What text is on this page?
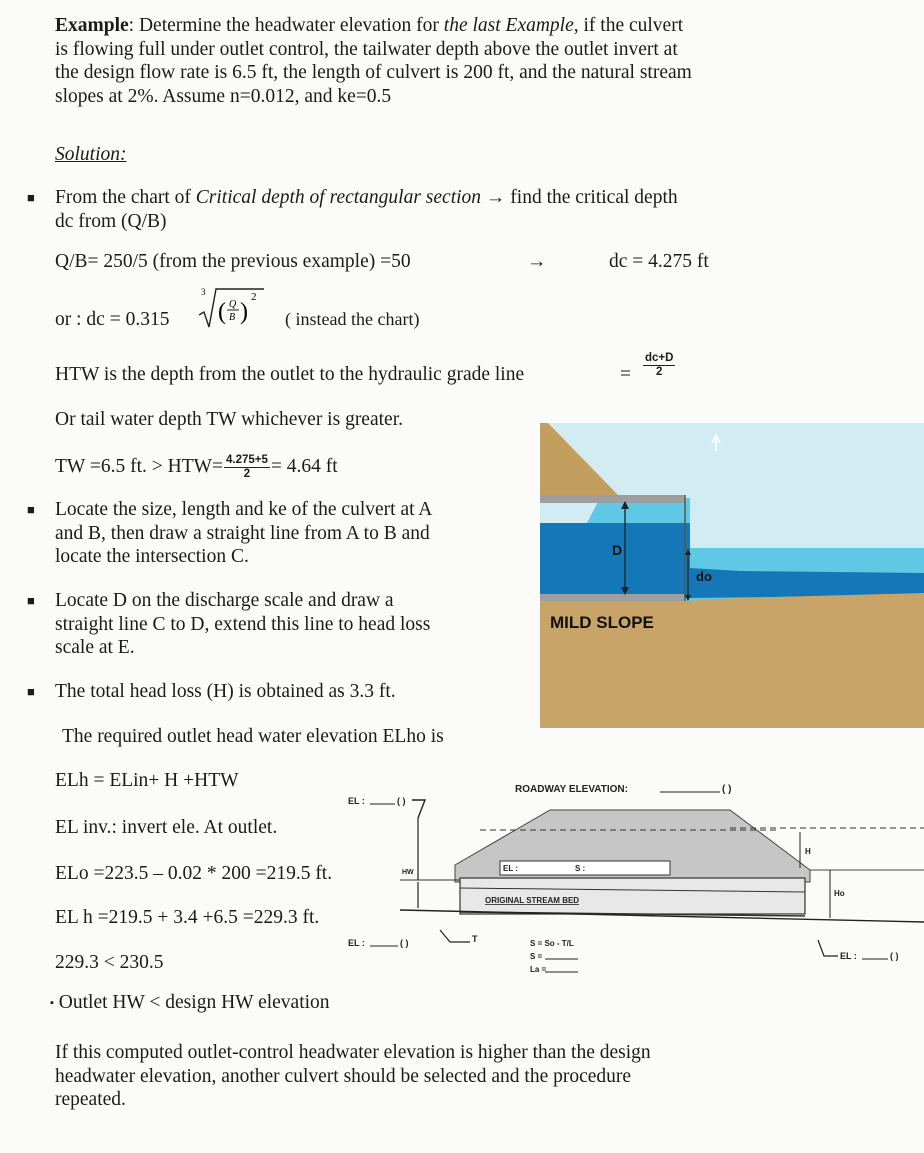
Example: Determine the headwater elevation for the last Example, if the culvert
is flowing full under outlet control, the tailwater depth above the outlet invert at
the design flow rate is 6.5 ft, the length of culvert is 200 ft, and the natural stream
slopes at 2%. Assume n=0.012, and ke=0.5
Solution:
■ From the chart of Critical depth of rectangular section → find the critical depth
dc from (Q/B)
Q/B= 250/5 (from the previous example) =50	→	dc = 4.275 ft
or : dc = 0.315
3
( Q
B )
2
( instead the chart)
HTW is the depth from the outlet to the hydraulic grade line	= $\frac{dc+D}{2}$
Or tail water depth TW whichever is greater.
TW =6.5 ft. > $HTW= \frac{4.275+5}{2} = 4.64$ ft
■ Locate the size, length and ke of the culvert at A
and B, then draw a straight line from A to B and
locate the intersection C.
■ Locate D on the discharge scale and draw a
straight line C to D, extend this line to head loss
scale at E.
■ The total head loss (H) is obtained as 3.3 ft.
The required outlet head water elevation ELho is
ELh = ELin+ H +HTW
EL inv.: invert ele. At outlet.
ELo =223.5 – 0.02 * 200 =219.5 ft.
EL h =219.5 + 3.4 +6.5 =229.3 ft.
229.3 < 230.5
▪ Outlet HW < design HW elevation
If this computed outlet-control headwater elevation is higher than the design
headwater elevation, another culvert should be selected and the procedure
repeated.
D
do
MILD SLOPE
ROADWAY ELEVATION:	( )
EL :	( )
HW	EL :	S :
ORIGINAL STREAM BED
EL :	( )	T	S = So - T/L
S =
La =
H
Ho
EL :	( )
